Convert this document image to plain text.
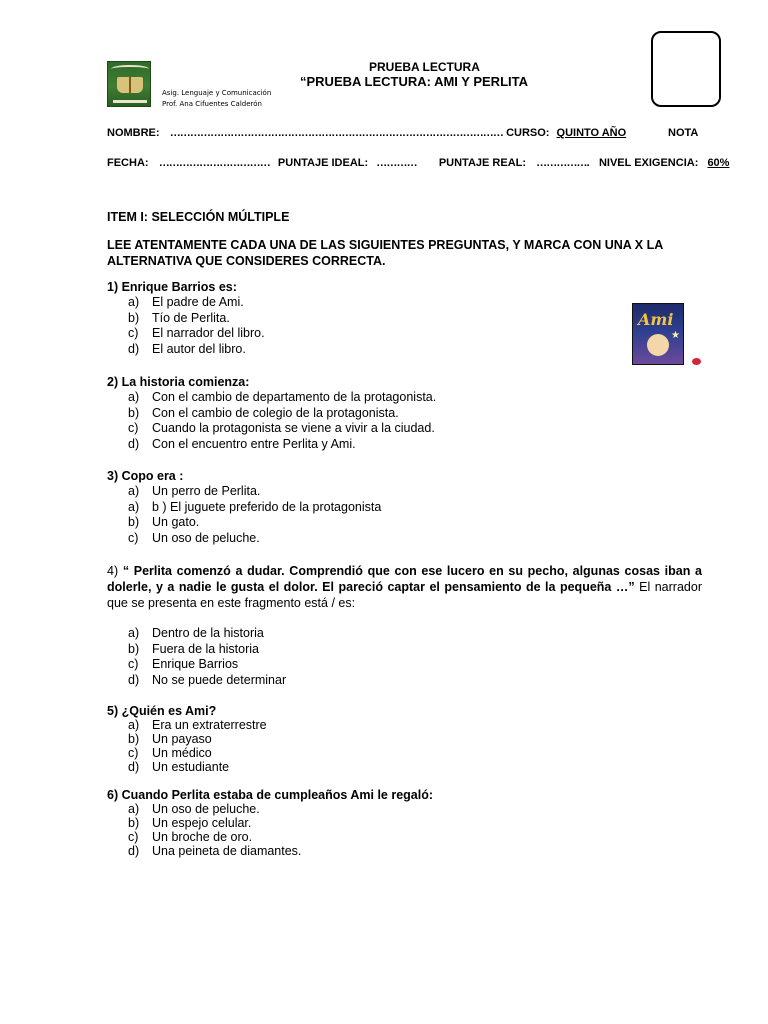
Asig. Lenguaje y Comunicación
Prof. Ana Cifuentes Calderón
PRUEBA LECTURA
“PRUEBA LECTURA: AMI Y PERLITA
NOMBRE: ……………………………………………………………………………………… CURSO: QUINTO AÑO	NOTA
FECHA: …………………………… PUNTAJE IDEAL: ………… PUNTAJE REAL: ……………. NIVEL EXIGENCIA: 60%
ITEM I: SELECCIÓN MÚLTIPLE
LEE ATENTAMENTE CADA UNA DE LAS SIGUIENTES PREGUNTAS, Y MARCA CON UNA X LA ALTERNATIVA QUE CONSIDERES CORRECTA.
1) Enrique Barrios es:
a) El padre de Ami.
b) Tío de Perlita.
c) El narrador del libro.
d) El autor del libro.
Ami
★
2) La historia comienza:
a) Con el cambio de departamento de la protagonista.
b) Con el cambio de colegio de la protagonista.
c) Cuando la protagonista se viene a vivir a la ciudad.
d) Con el encuentro entre Perlita y Ami.
3) Copo era :
a) Un perro de Perlita.
a) b ) El juguete preferido de la protagonista
b) Un gato.
c) Un oso de peluche.
4) “ Perlita comenzó a dudar. Comprendió que con ese lucero en su pecho, algunas cosas iban a dolerle, y a nadie le gusta el dolor. El pareció captar el pensamiento de la pequeña …” El narrador que se presenta en este fragmento está / es:
a) Dentro de la historia
b) Fuera de la historia
c) Enrique Barrios
d) No se puede determinar
5) ¿Quién es Ami?
a) Era un extraterrestre
b) Un payaso
c) Un médico
d) Un estudiante
6) Cuando Perlita estaba de cumpleaños Ami le regaló:
a) Un oso de peluche.
b) Un espejo celular.
c) Un broche de oro.
d) Una peineta de diamantes.
